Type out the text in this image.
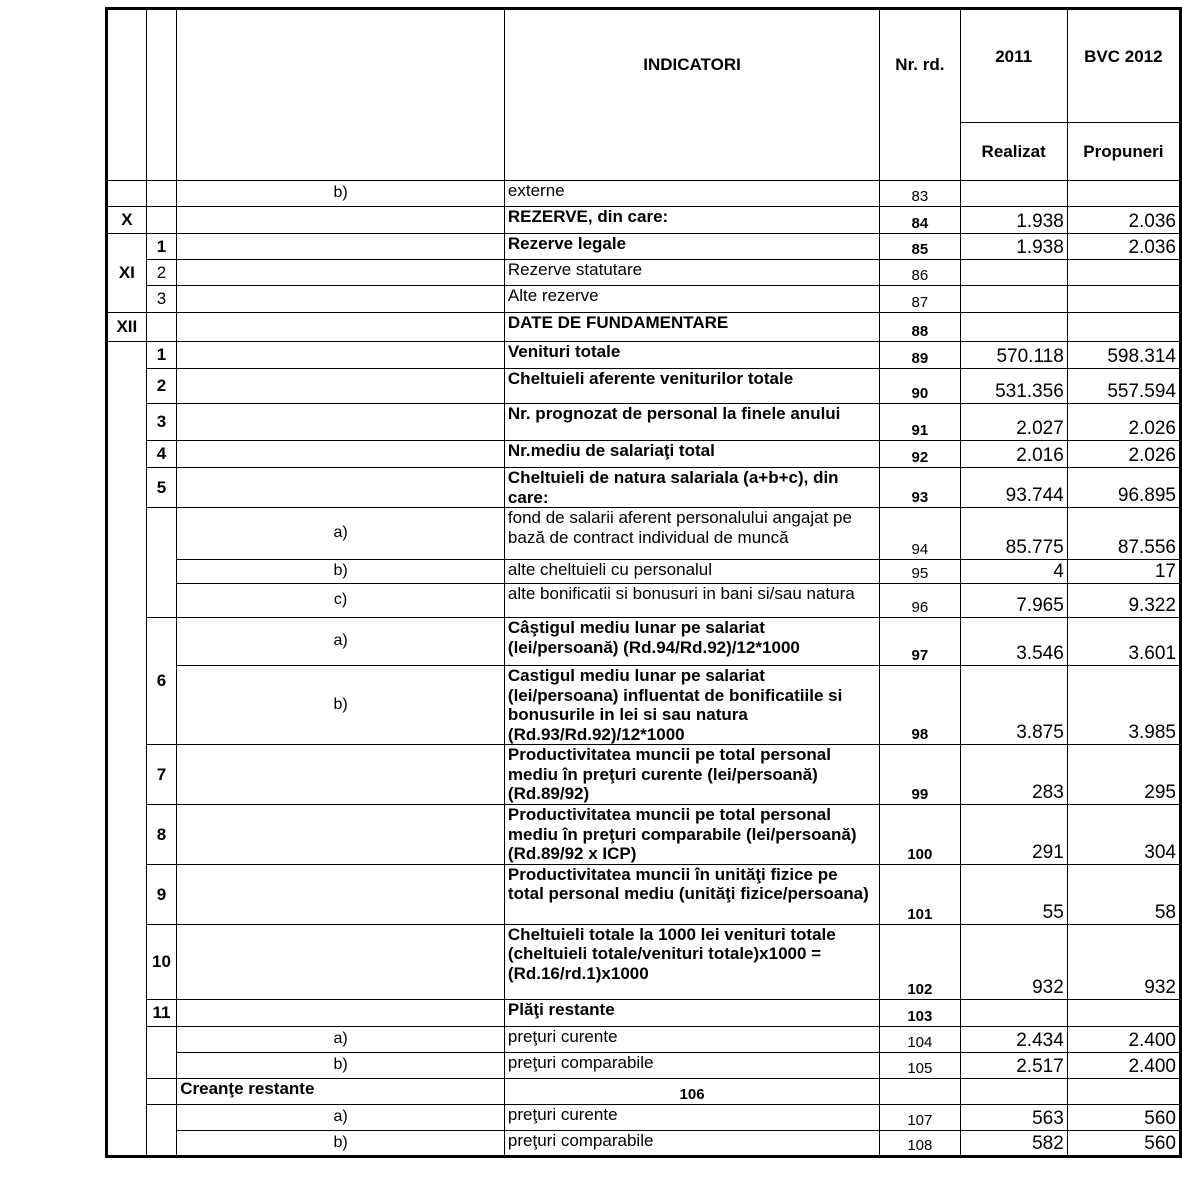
			INDICATORI	Nr. rd.	2011	BVC 2012
					Realizat	Propuneri
		b)	externe	83		
X			REZERVE, din care:	84	1.938	2.036
XI	1		Rezerve legale	85	1.938	2.036
	2		Rezerve statutare	86		
	3		Alte rezerve	87		
XII			DATE DE FUNDAMENTARE	88		
	1		Venituri totale	89	570.118	598.314
	2		Cheltuieli aferente veniturilor totale	90	531.356	557.594
	3		Nr. prognozat de personal la finele anului	91	2.027	2.026
	4		Nr.mediu de salariaţi total	92	2.016	2.026
	5		Cheltuieli de natura salariala (a+b+c), din care:	93	93.744	96.895
		a)	fond de salarii aferent personalului angajat pe bază de contract individual de muncă	94	85.775	87.556
		b)	alte cheltuieli cu personalul	95	4	17
		c)	alte bonificatii si bonusuri in bani si/sau natura	96	7.965	9.322
	6	a)	Câştigul mediu lunar pe salariat (lei/persoană) (Rd.94/Rd.92)/12*1000	97	3.546	3.601
		b)	Castigul mediu lunar pe salariat (lei/persoana) influentat de bonificatiile si bonusurile in lei si sau natura (Rd.93/Rd.92)/12*1000	98	3.875	3.985
	7		Productivitatea muncii pe total personal mediu în preţuri curente (lei/persoană)(Rd.89/92)	99	283	295
	8		Productivitatea muncii pe total personal mediu în preţuri comparabile (lei/persoană)(Rd.89/92 x ICP)	100	291	304
	9		Productivitatea muncii în unităţi fizice pe total personal mediu (unităţi fizice/persoana)	101	55	58
	10		Cheltuieli totale la 1000 lei venituri totale (cheltuieli totale/venituri totale)x1000 =(Rd.16/rd.1)x1000	102	932	932
	11		Plăţi restante	103		
		a)	preţuri curente	104	2.434	2.400
		b)	preţuri comparabile	105	2.517	2.400
		Creanţe restante	106			
		a)	preţuri curente	107	563	560
		b)	preţuri comparabile	108	582	560
